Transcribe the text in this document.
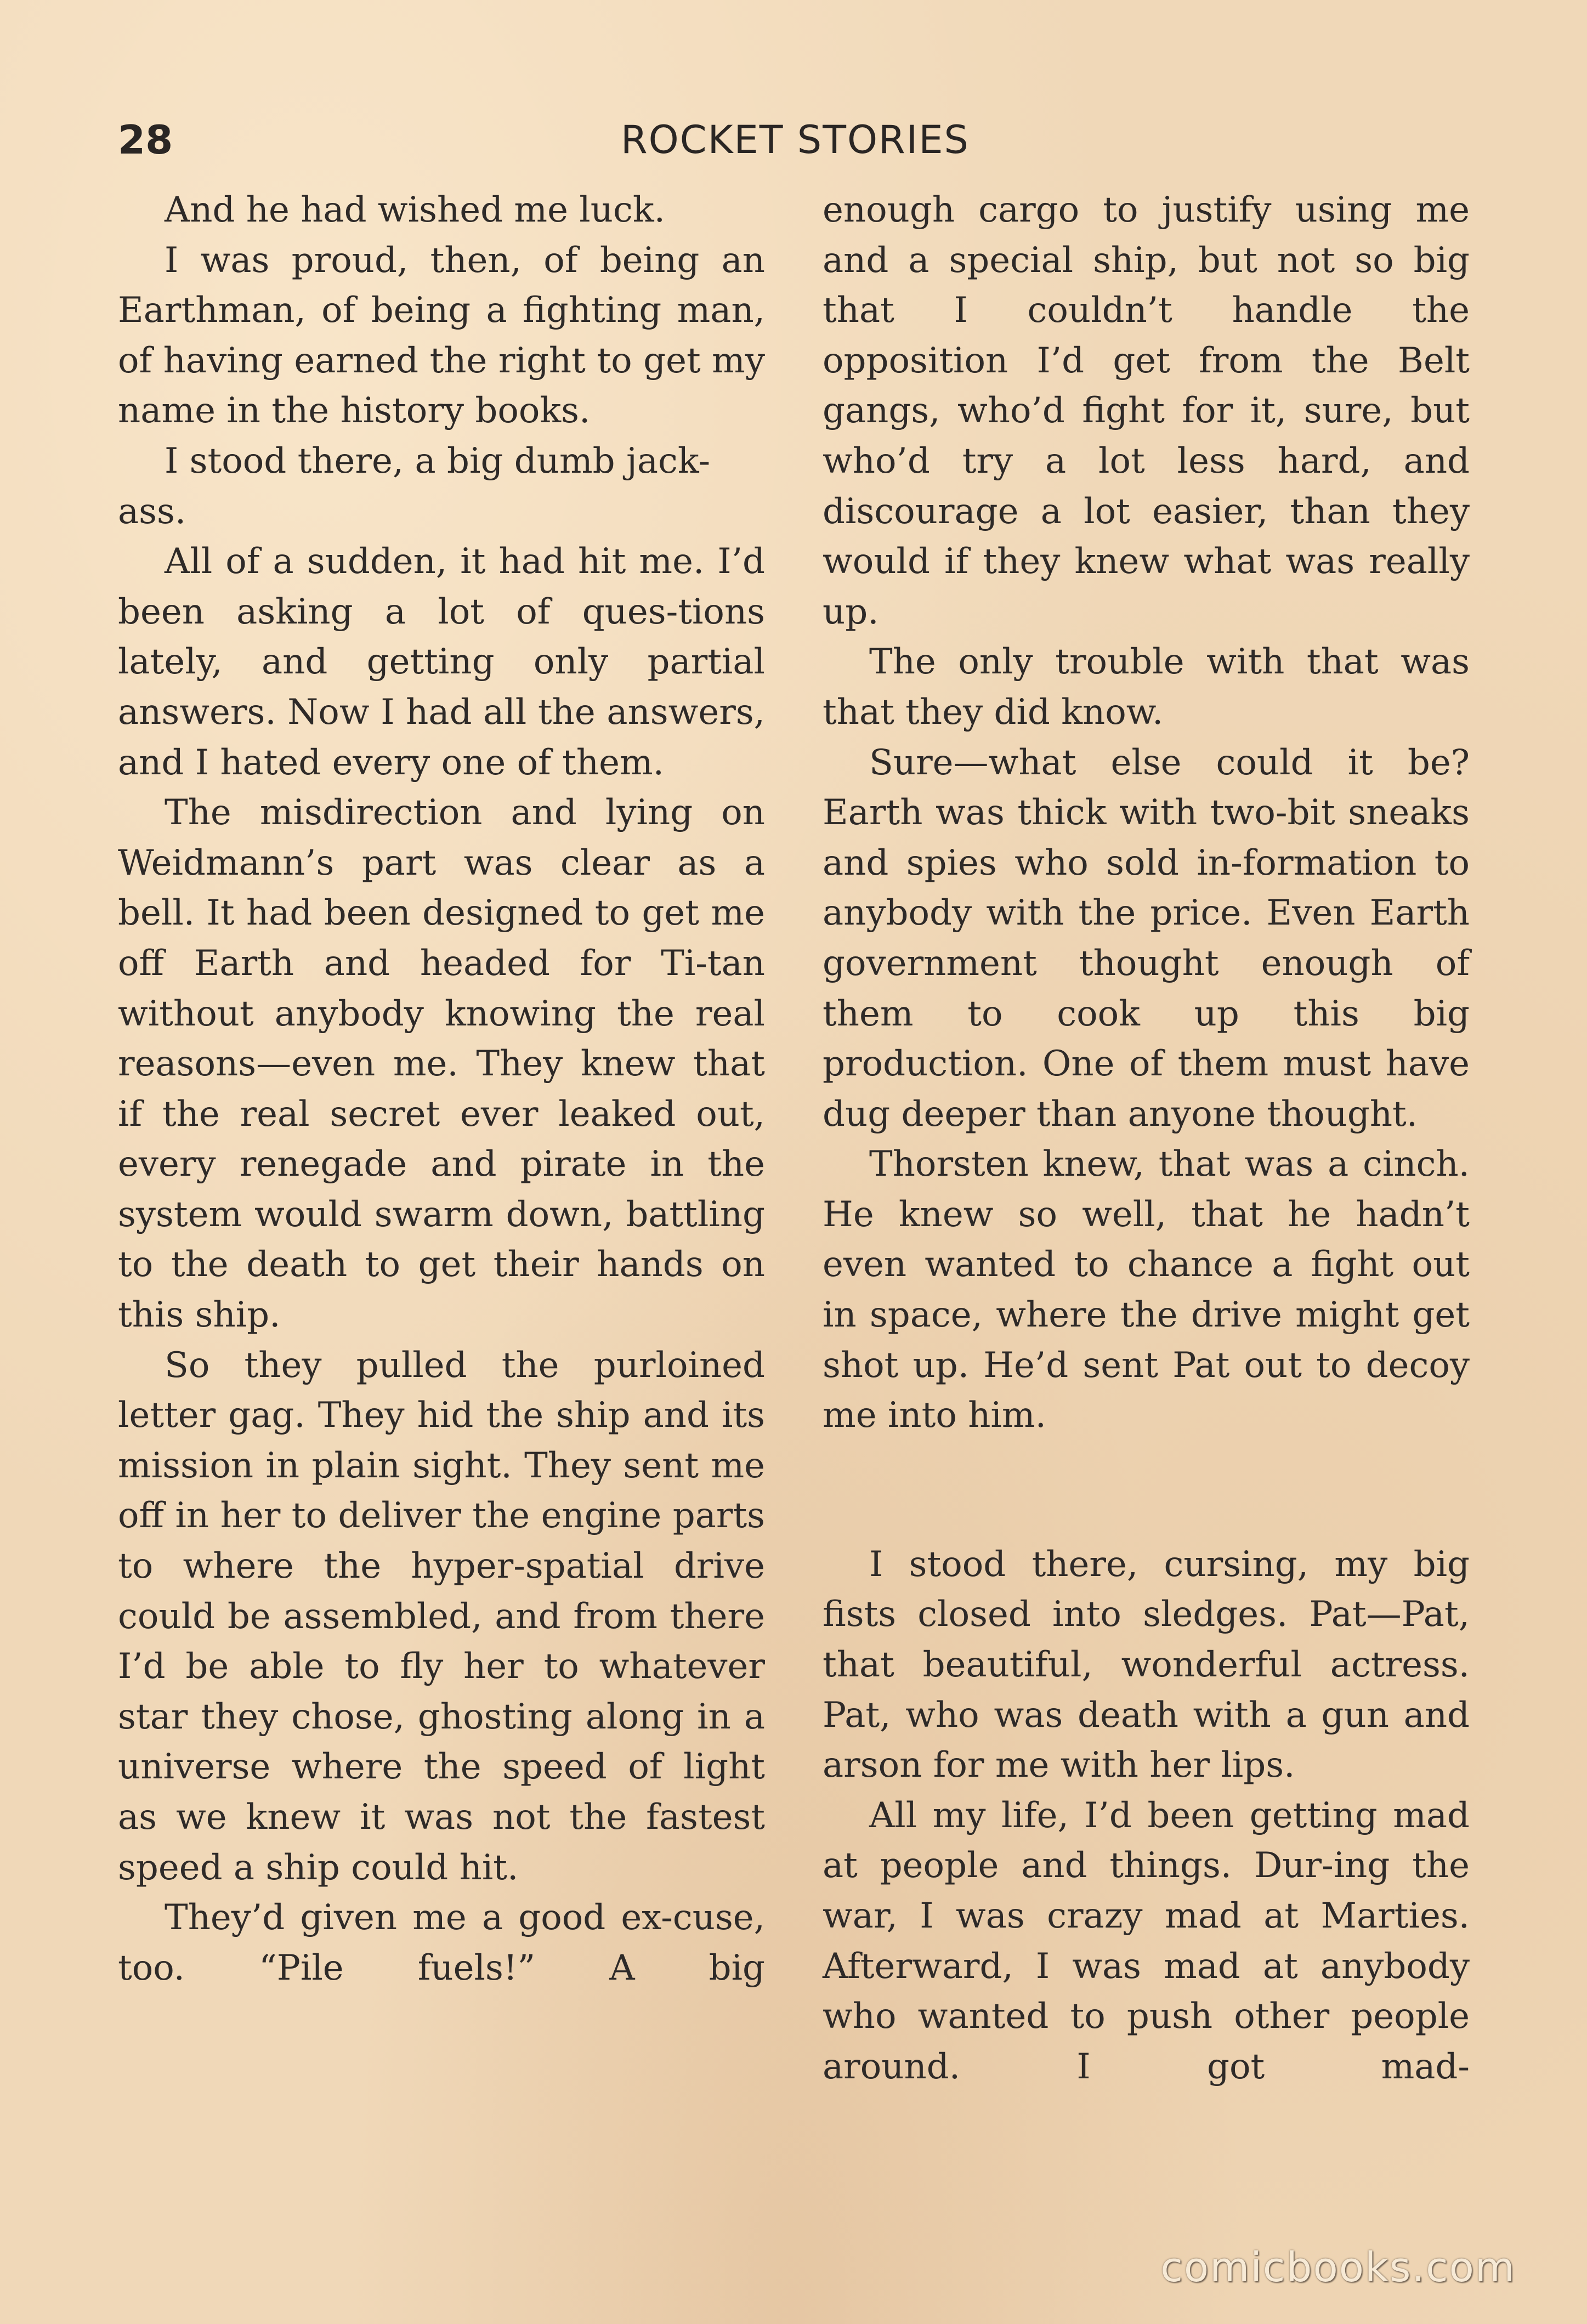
28	ROCKET STORIES

And he had wished me luck.

I was proud, then, of being an Earthman, of being a fighting man, of having earned the right to get my name in the history books.

I stood there, a big dumb jack-ass.

All of a sudden, it had hit me. I’d been asking a lot of ques-tions lately, and getting only partial answers. Now I had all the answers, and I hated every one of them.

The misdirection and lying on Weidmann’s part was clear as a bell. It had been designed to get me off Earth and headed for Ti-tan without anybody knowing the real reasons—even me. They knew that if the real secret ever leaked out, every renegade and pirate in the system would swarm down, battling to the death to get their hands on this ship.

So they pulled the purloined letter gag. They hid the ship and its mission in plain sight. They sent me off in her to deliver the engine parts to where the hyper-spatial drive could be assembled, and from there I’d be able to fly her to whatever star they chose, ghosting along in a universe where the speed of light as we knew it was not the fastest speed a ship could hit.

They’d given me a good ex-cuse, too. “Pile fuels!” A big

enough cargo to justify using me and a special ship, but not so big that I couldn’t handle the opposition I’d get from the Belt gangs, who’d fight for it, sure, but who’d try a lot less hard, and discourage a lot easier, than they would if they knew what was really up.

The only trouble with that was that they did know.

Sure—what else could it be? Earth was thick with two-bit sneaks and spies who sold in-formation to anybody with the price. Even Earth government thought enough of them to cook up this big production. One of them must have dug deeper than anyone thought.

Thorsten knew, that was a cinch. He knew so well, that he hadn’t even wanted to chance a fight out in space, where the drive might get shot up. He’d sent Pat out to decoy me into him.

I stood there, cursing, my big fists closed into sledges. Pat—Pat, that beautiful, wonderful actress. Pat, who was death with a gun and arson for me with her lips.

All my life, I’d been getting mad at people and things. Dur-ing the war, I was crazy mad at Marties. Afterward, I was mad at anybody who wanted to push other people around. I got mad-

comicbooks.com
